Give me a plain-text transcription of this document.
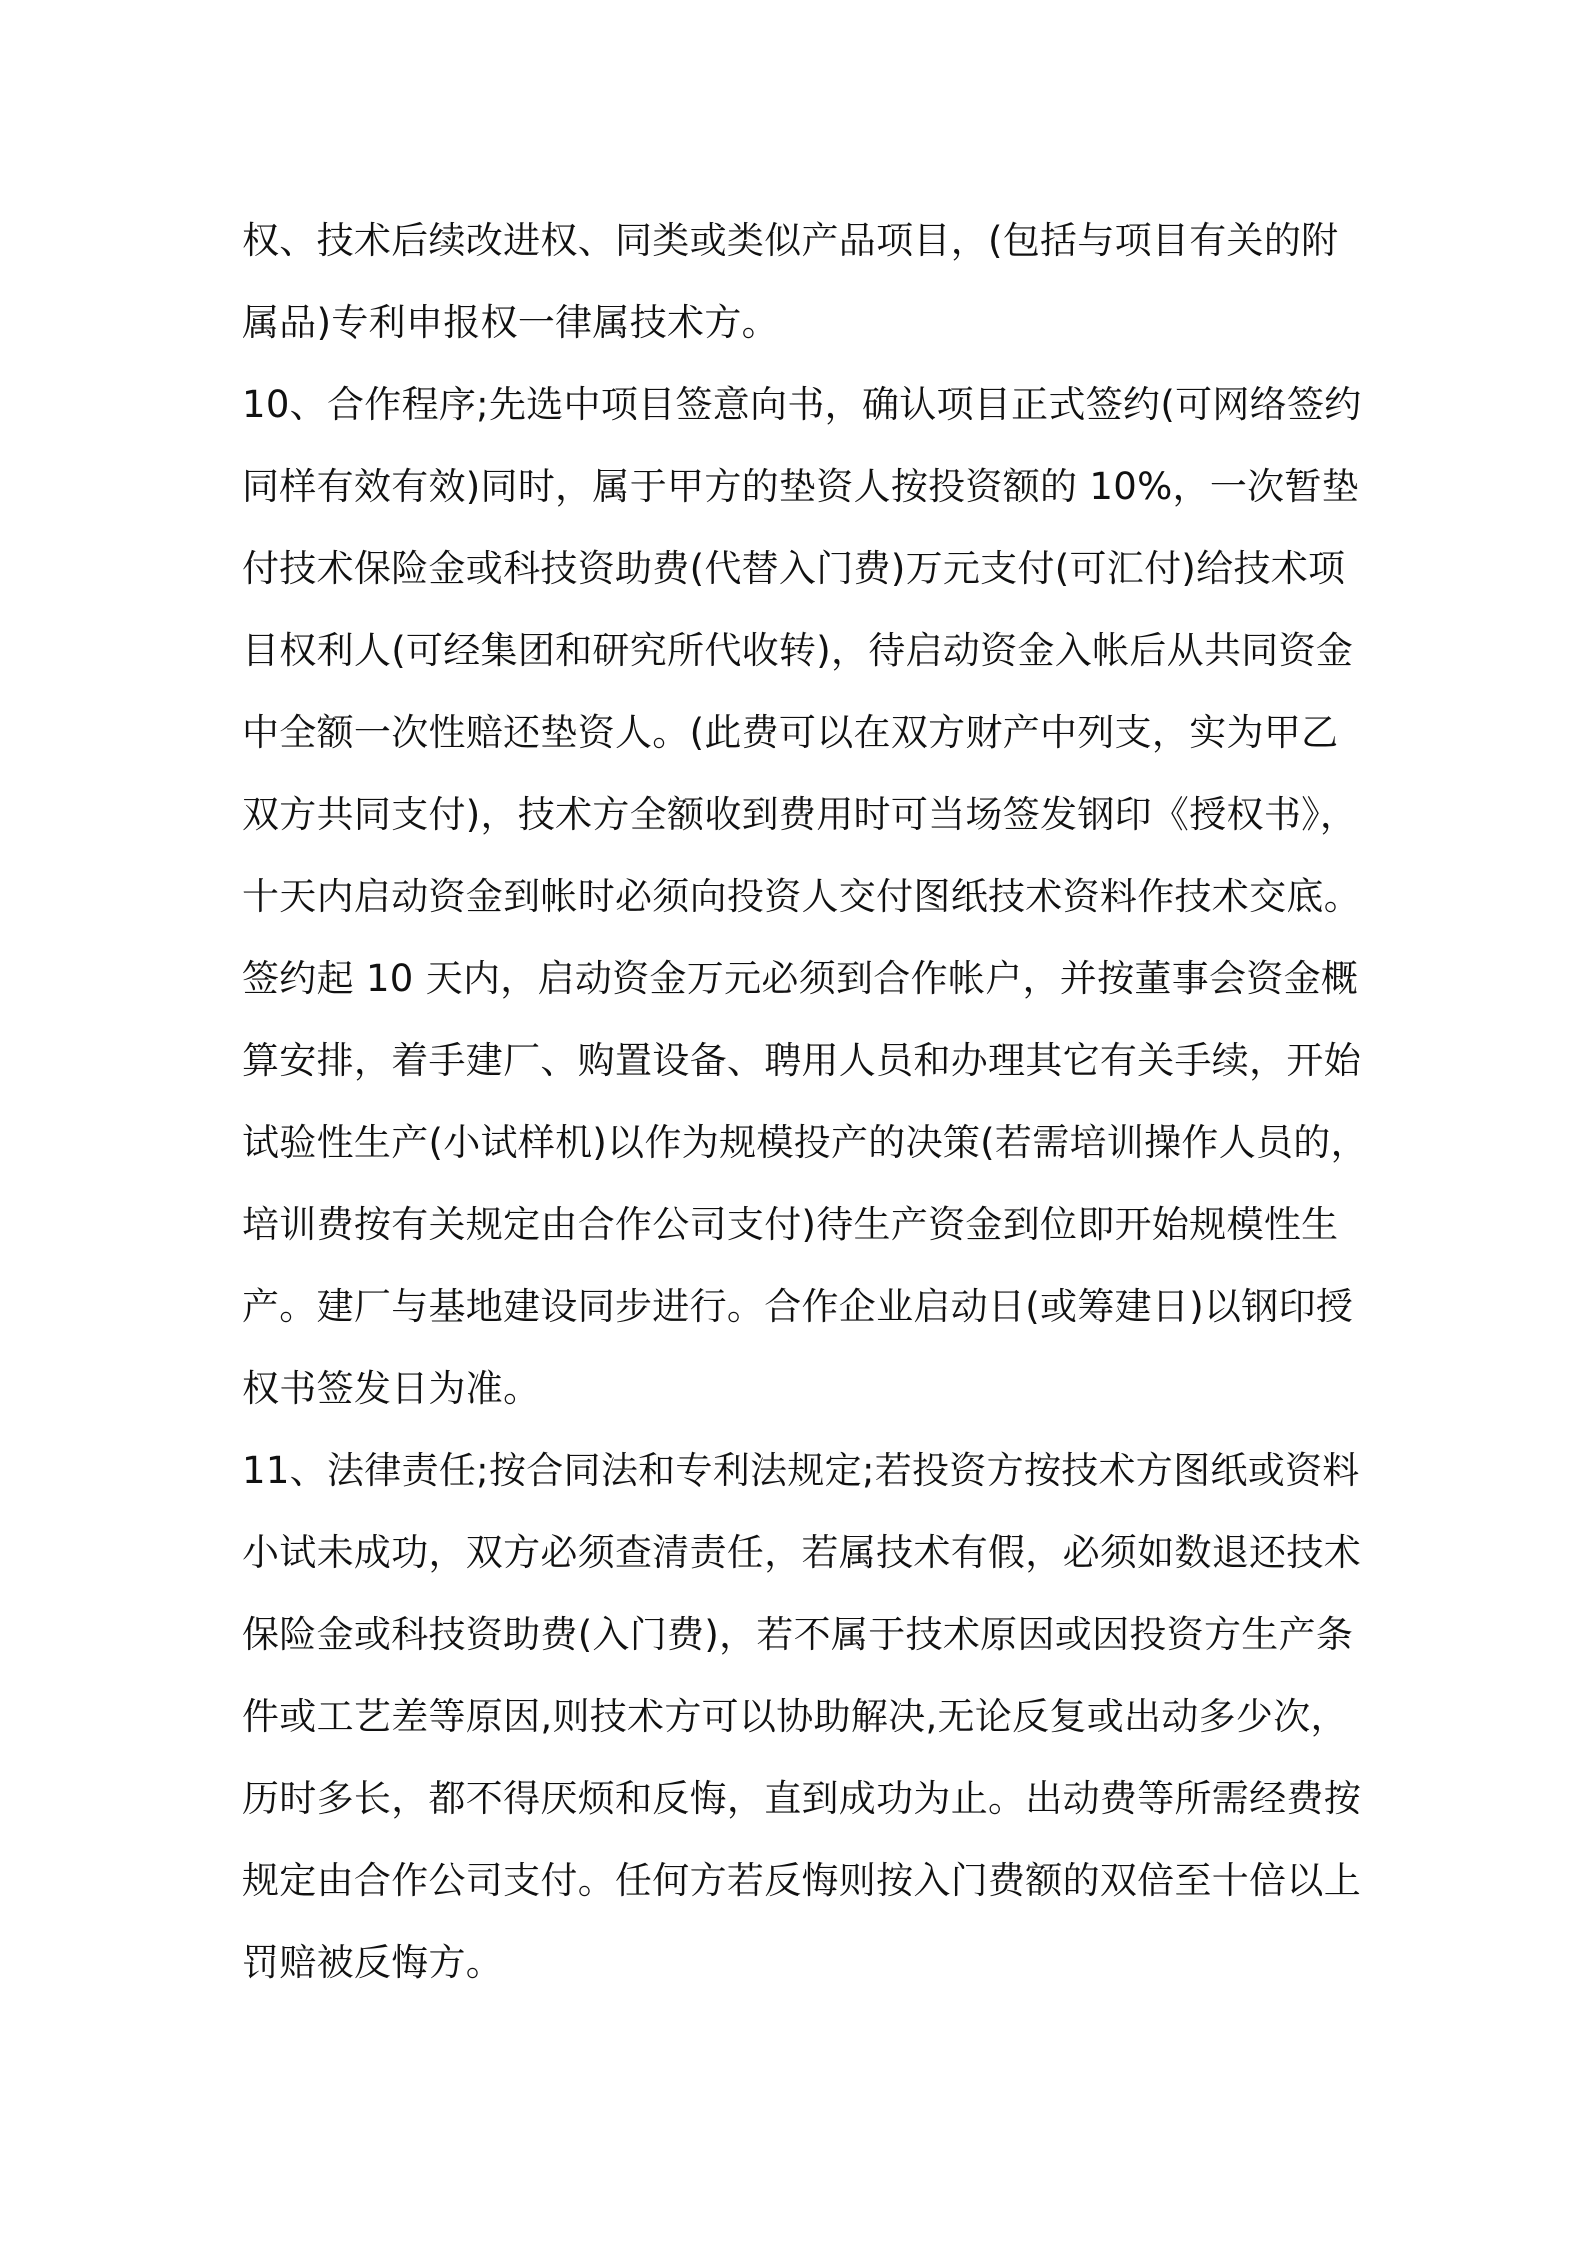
权、技术后续改进权、同类或类似产品项目，(包括与项目有关的附
属品)专利申报权一律属技术方。
10、合作程序;先选中项目签意向书，确认项目正式签约(可网络签约
同样有效有效)同时，属于甲方的垫资人按投资额的 10%，一次暂垫
付技术保险金或科技资助费(代替入门费)万元支付(可汇付)给技术项
目权利人(可经集团和研究所代收转)，待启动资金入帐后从共同资金
中全额一次性赔还垫资人。(此费可以在双方财产中列支，实为甲乙
双方共同支付)，技术方全额收到费用时可当场签发钢印《授权书》，
十天内启动资金到帐时必须向投资人交付图纸技术资料作技术交底。
签约起 10 天内，启动资金万元必须到合作帐户，并按董事会资金概
算安排，着手建厂、购置设备、聘用人员和办理其它有关手续，开始
试验性生产(小试样机)以作为规模投产的决策(若需培训操作人员的，
培训费按有关规定由合作公司支付)待生产资金到位即开始规模性生
产。建厂与基地建设同步进行。合作企业启动日(或筹建日)以钢印授
权书签发日为准。
11、法律责任;按合同法和专利法规定;若投资方按技术方图纸或资料
小试未成功，双方必须查清责任，若属技术有假，必须如数退还技术
保险金或科技资助费(入门费)，若不属于技术原因或因投资方生产条
件或工艺差等原因,则技术方可以协助解决,无论反复或出动多少次，
历时多长，都不得厌烦和反悔，直到成功为止。出动费等所需经费按
规定由合作公司支付。任何方若反悔则按入门费额的双倍至十倍以上
罚赔被反悔方。
